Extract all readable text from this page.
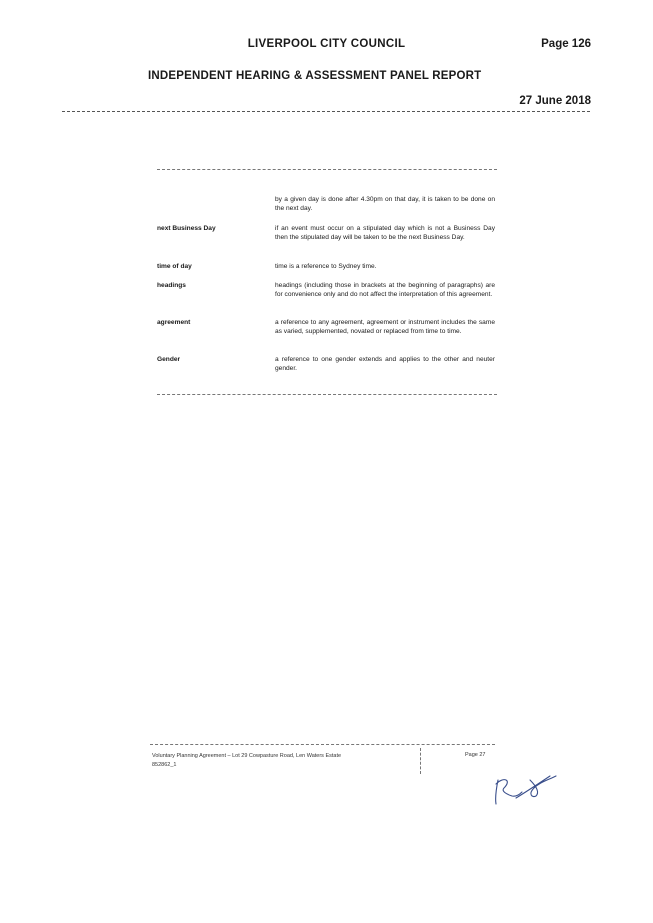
LIVERPOOL CITY COUNCIL	Page 126
INDEPENDENT HEARING & ASSESSMENT PANEL REPORT
27 June 2018
by a given day is done after 4.30pm on that day, it is taken to be done on the next day.
next Business Day	if an event must occur on a stipulated day which is not a Business Day then the stipulated day will be taken to be the next Business Day.
time of day	time is a reference to Sydney time.
headings	headings (including those in brackets at the beginning of paragraphs) are for convenience only and do not affect the interpretation of this agreement.
agreement	a reference to any agreement, agreement or instrument includes the same as varied, supplemented, novated or replaced from time to time.
Gender	a reference to one gender extends and applies to the other and neuter gender.
Voluntary Planning Agreement – Lot 29 Cowpasture Road, Len Waters Estate
852862_1
Page 27
